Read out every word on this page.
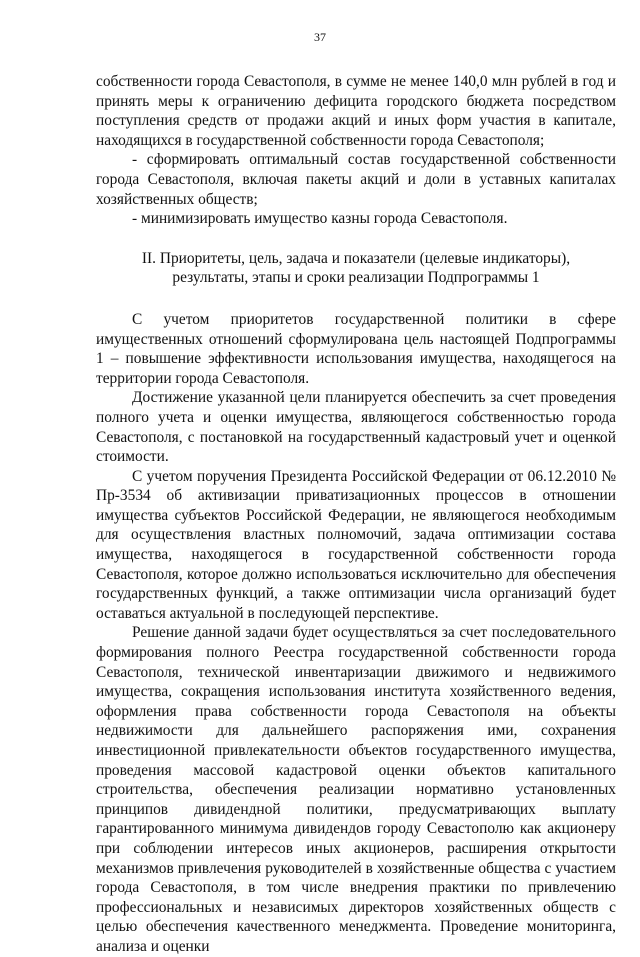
37

собственности города Севастополя, в сумме не менее 140,0 млн рублей в год и принять меры к ограничению дефицита городского бюджета посредством поступления средств от продажи акций и иных форм участия в капитале, находящихся в государственной собственности города Севастополя;

- сформировать оптимальный состав государственной собственности города Севастополя, включая пакеты акций и доли в уставных капиталах хозяйственных обществ;

- минимизировать имущество казны города Севастополя.

II. Приоритеты, цель, задача и показатели (целевые индикаторы),
результаты, этапы и сроки реализации Подпрограммы 1

С учетом приоритетов государственной политики в сфере имущественных отношений сформулирована цель настоящей Подпрограммы 1 – повышение эффективности использования имущества, находящегося на территории города Севастополя.

Достижение указанной цели планируется обеспечить за счет проведения полного учета и оценки имущества, являющегося собственностью города Севастополя, с постановкой на государственный кадастровый учет и оценкой стоимости.

С учетом поручения Президента Российской Федерации от 06.12.2010 № Пр-3534 об активизации приватизационных процессов в отношении имущества субъектов Российской Федерации, не являющегося необходимым для осуществления властных полномочий, задача оптимизации состава имущества, находящегося в государственной собственности города Севастополя, которое должно использоваться исключительно для обеспечения государственных функций, а также оптимизации числа организаций будет оставаться актуальной в последующей перспективе.

Решение данной задачи будет осуществляться за счет последовательного формирования полного Реестра государственной собственности города Севастополя, технической инвентаризации движимого и недвижимого имущества, сокращения использования института хозяйственного ведения, оформления права собственности города Севастополя на объекты недвижимости для дальнейшего распоряжения ими, сохранения инвестиционной привлекательности объектов государственного имущества, проведения массовой кадастровой оценки объектов капитального строительства, обеспечения реализации нормативно установленных принципов дивидендной политики, предусматривающих выплату гарантированного минимума дивидендов городу Севастополю как акционеру при соблюдении интересов иных акционеров, расширения открытости механизмов привлечения руководителей в хозяйственные общества с участием города Севастополя, в том числе внедрения практики по привлечению профессиональных и независимых директоров хозяйственных обществ с целью обеспечения качественного менеджмента. Проведение мониторинга, анализа и оценки
